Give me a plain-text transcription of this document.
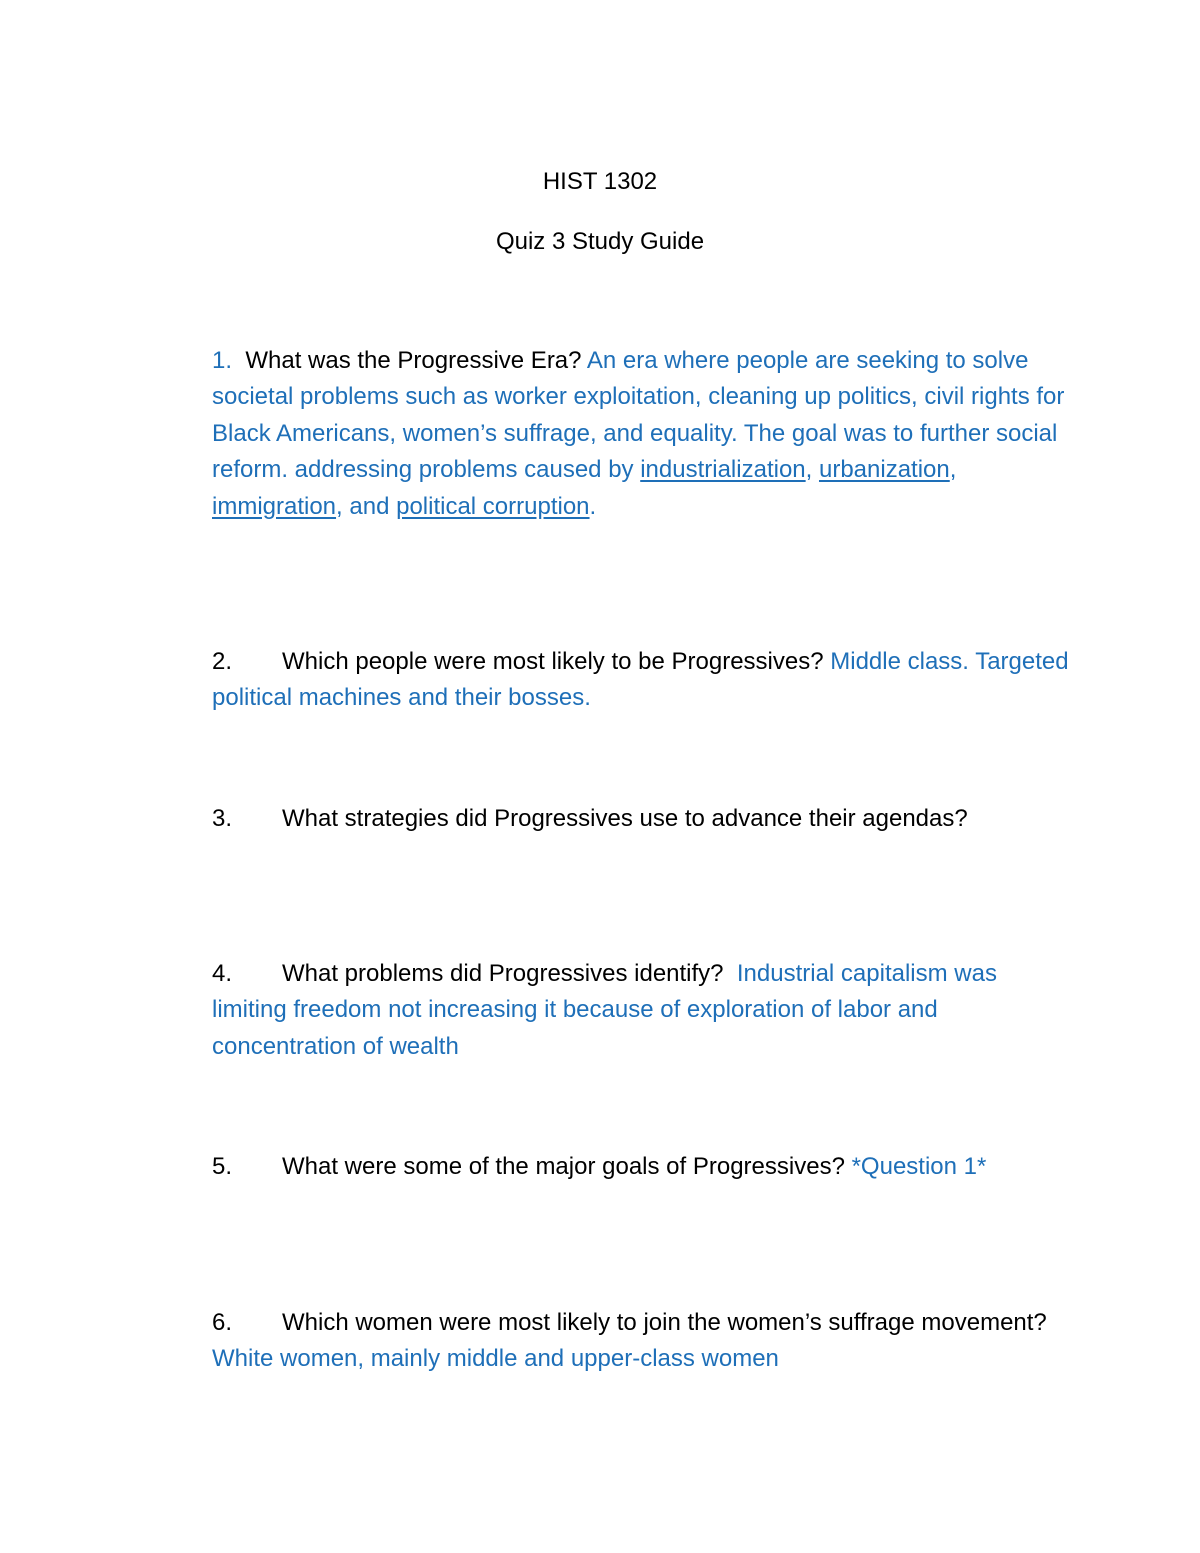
HIST 1302
Quiz 3 Study Guide
1. What was the Progressive Era? An era where people are seeking to solve societal problems such as worker exploitation, cleaning up politics, civil rights for Black Americans, women’s suffrage, and equality. The goal was to further social reform. addressing problems caused by industrialization, urbanization, immigration, and political corruption.
2. Which people were most likely to be Progressives? Middle class. Targeted political machines and their bosses.
3. What strategies did Progressives use to advance their agendas?
4. What problems did Progressives identify? Industrial capitalism was limiting freedom not increasing it because of exploration of labor and concentration of wealth
5. What were some of the major goals of Progressives? *Question 1*
6. Which women were most likely to join the women’s suffrage movement? White women, mainly middle and upper-class women
